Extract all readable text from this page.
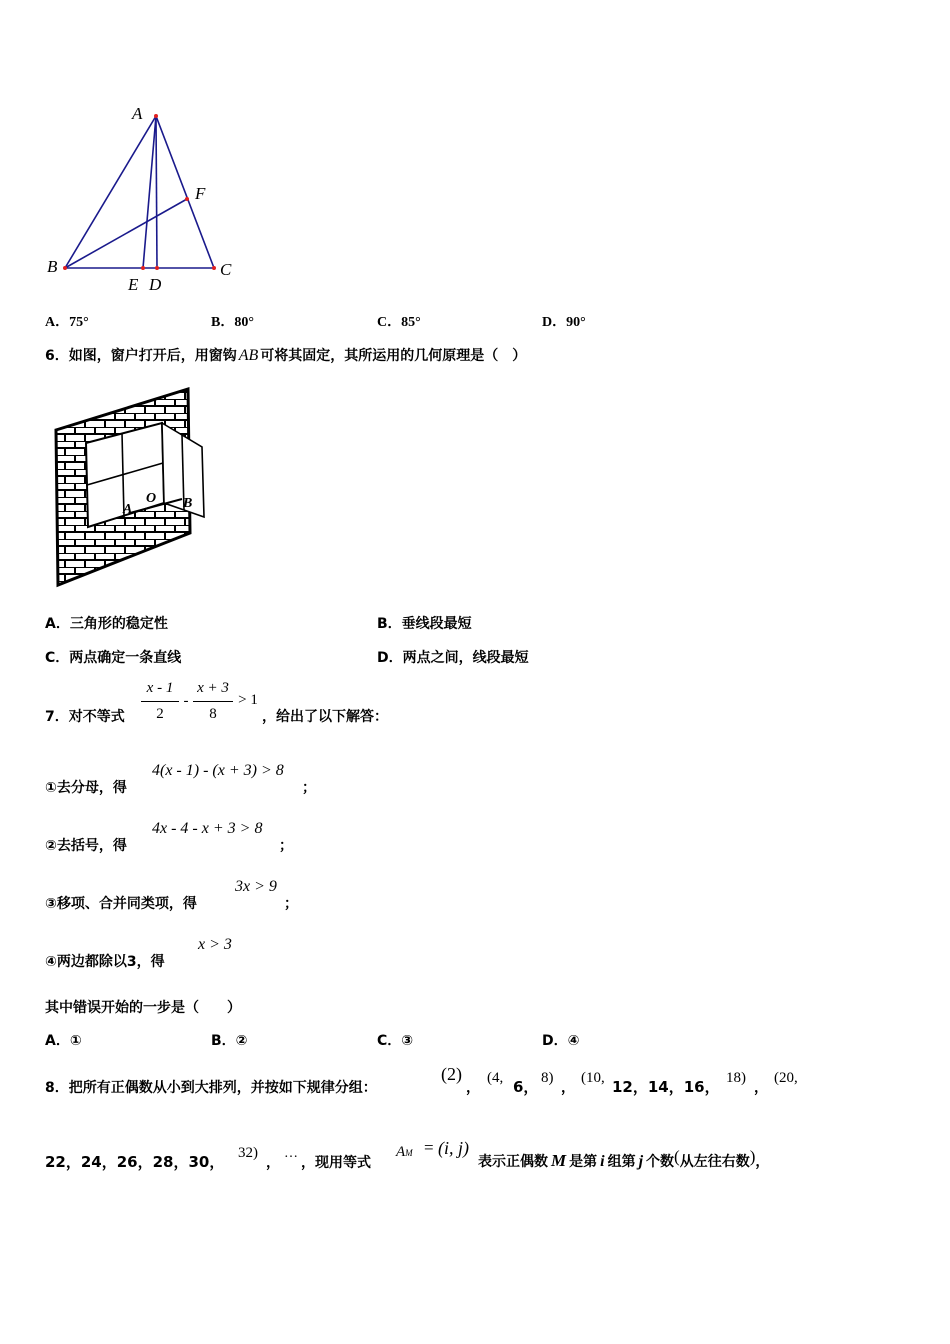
A
B	C
E D
F
A．75°	B．80°	C．85°	D．90°
6．如图，窗户打开后，用窗钩 AB 可将其固定，其所运用的几何原理是（　）
A
O B
A．三角形的稳定性	B．垂线段最短
C．两点确定一条直线	D．两点之间，线段最短
7．对不等式
x - 1
2
-
x + 3
8
> 1
，给出了以下解答：
①去分母，得
4(x - 1) - (x + 3) > 8
；
②去括号，得
4x - 4 - x + 3 > 8
；
③移项、合并同类项，得
3x > 9
；
④两边都除以3，得
x > 3
其中错误开始的一步是（　　）
A．①	B．②	C．③	D．④
8．把所有正偶数从小到大排列，并按如下规律分组：
(2)
，
(4, 6， 8)
，
(10, 12，14，16， 18)
，
(20,
22，24，26，28，30， 32)
，
…
，现用等式
AM = (i, j)
表示正偶数 M 是第 i 组第 j 个数(从左往右数)，
